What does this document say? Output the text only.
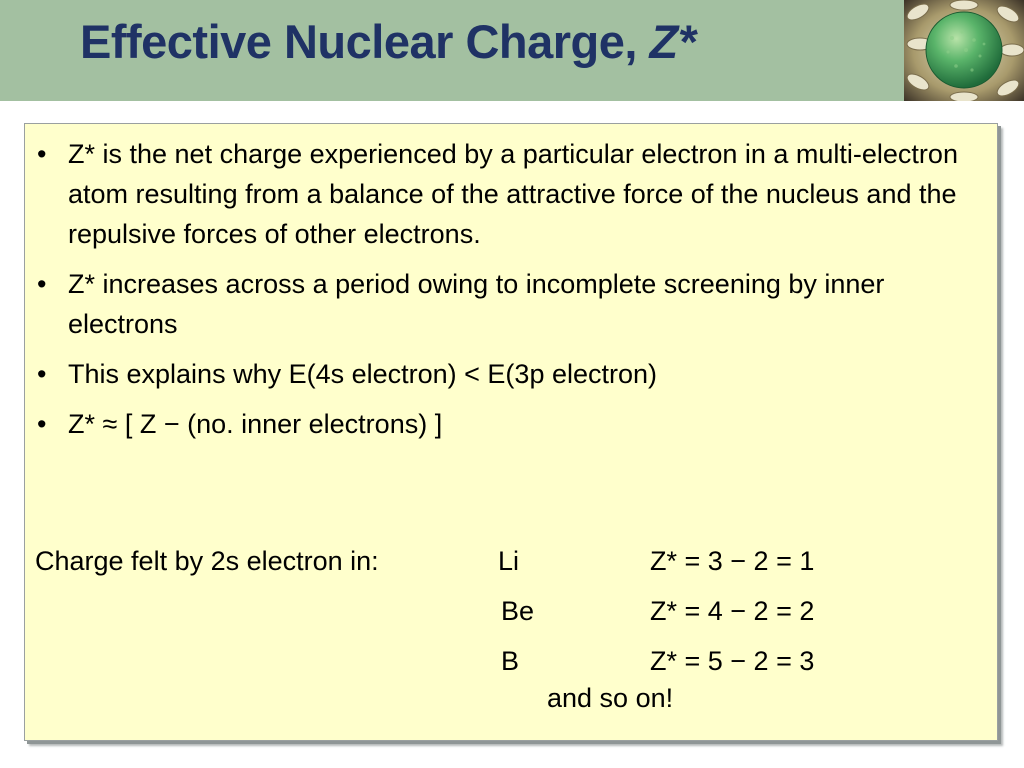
Effective Nuclear Charge, Z*
• Z* is the net charge experienced by a particular electron in a multi-electron atom resulting from a balance of the attractive force of the nucleus and the repulsive forces of other electrons.
• Z* increases across a period owing to incomplete screening by inner electrons
• This explains why E(4s electron) < E(3p electron)
• Z* ≈ [ Z − (no. inner electrons) ]
Charge felt by 2s electron in:	Li	Z* = 3 − 2 = 1
Be	Z* = 4 − 2 = 2
B	Z* = 5 − 2 = 3
and so on!
